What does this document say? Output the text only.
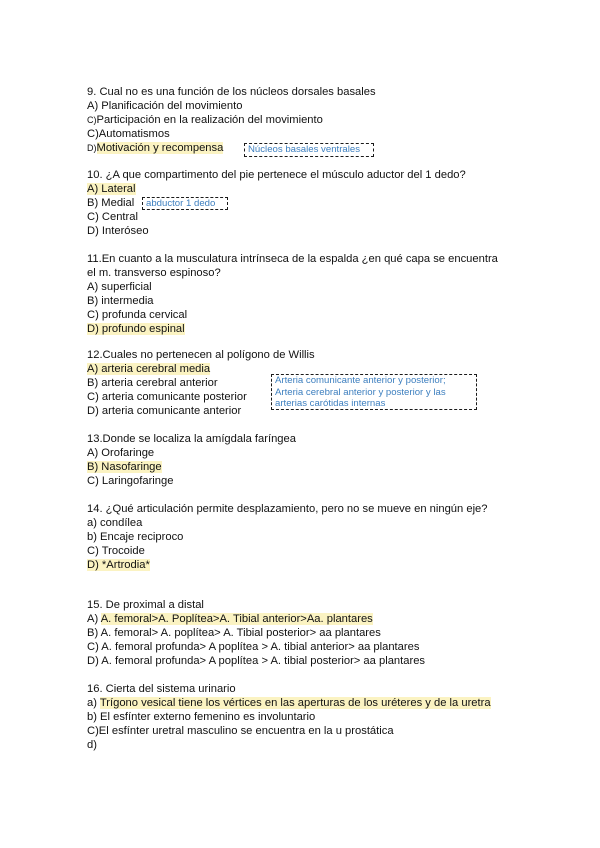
9. Cual no es una función de los núcleos dorsales basales
A) Planificación del movimiento
C)Participación en la realización del movimiento
C)Automatismos
D)Motivación y recompensa	Núcleos basales ventrales
10. ¿A que compartimento del pie pertenece el músculo aductor del 1 dedo?
A) Lateral
B) Medial
C) Central
D) Interóseo
abductor 1 dedo
11.En cuanto a la musculatura intrínseca de la espalda ¿en qué capa se encuentra el m. transverso espinoso?
A) superficial
B) intermedia
C) profunda cervical
D) profundo espinal
12.Cuales no pertenecen al polígono de Willis
A) arteria cerebral media
B) arteria cerebral anterior
C) arteria comunicante posterior
D) arteria comunicante anterior
Arteria comunicante anterior y posterior; Arteria cerebral anterior y posterior y las arterias carótidas internas
13.Donde se localiza la amígdala faríngea
A) Orofaringe
B) Nasofaringe
C) Laringofaringe
14. ¿Qué articulación permite desplazamiento, pero no se mueve en ningún eje?
a) condílea
b) Encaje reciproco
C) Trocoide
D) *Artrodia*
15. De proximal a distal
A) A. femoral>A. Poplítea>A. Tibial anterior>Aa. plantares
B) A. femoral> A. poplítea> A. Tibial posterior> aa plantares
C) A. femoral profunda> A poplítea > A. tibial anterior> aa plantares
D) A. femoral profunda> A poplítea > A. tibial posterior> aa plantares
16. Cierta del sistema urinario
a) Trígono vesical tiene los vértices en las aperturas de los uréteres y de la uretra
b) El esfínter externo femenino es involuntario
C)El esfínter uretral masculino se encuentra en la u prostática
d)
